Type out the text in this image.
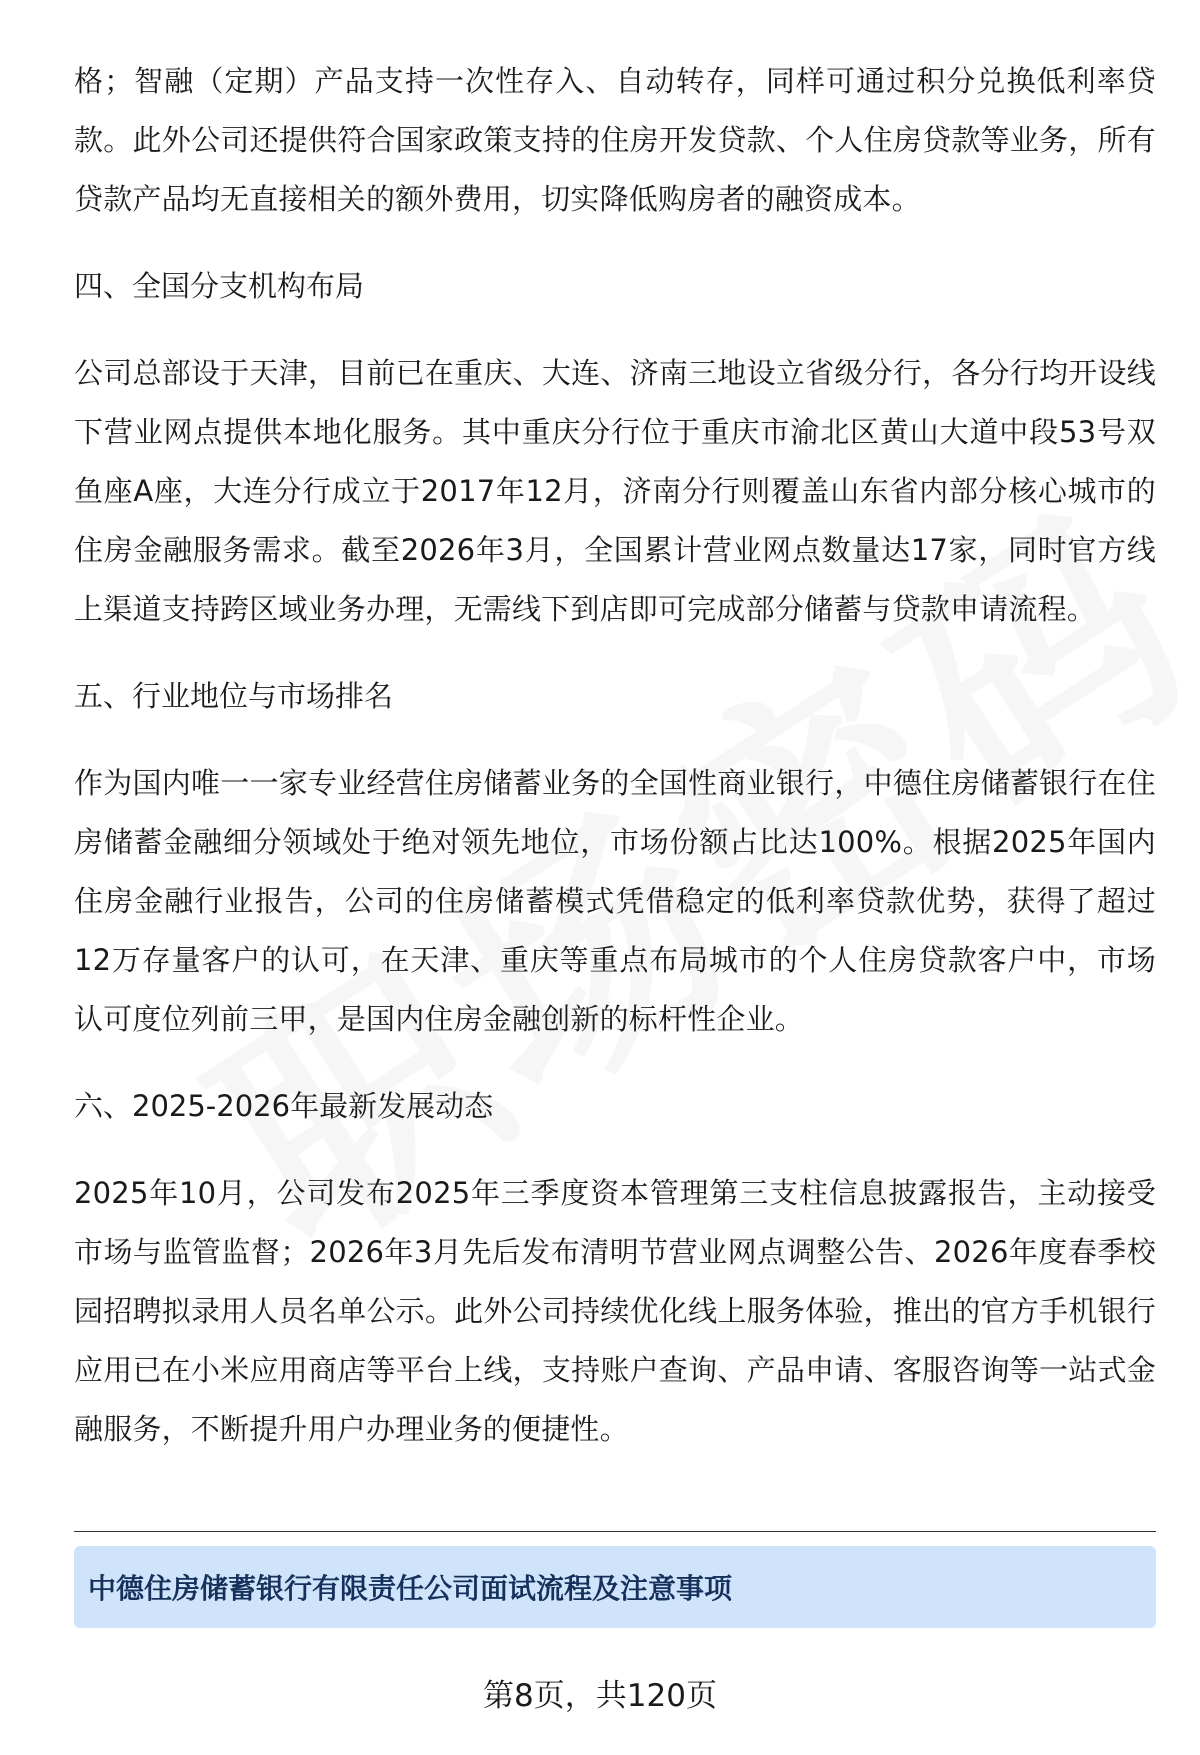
格；智融（定期）产品支持一次性存入、自动转存，同样可通过积分兑换低利率贷款。此外公司还提供符合国家政策支持的住房开发贷款、个人住房贷款等业务，所有贷款产品均无直接相关的额外费用，切实降低购房者的融资成本。

四、全国分支机构布局

公司总部设于天津，目前已在重庆、大连、济南三地设立省级分行，各分行均开设线下营业网点提供本地化服务。其中重庆分行位于重庆市渝北区黄山大道中段53号双鱼座A座，大连分行成立于2017年12月，济南分行则覆盖山东省内部分核心城市的住房金融服务需求。截至2026年3月，全国累计营业网点数量达17家，同时官方线上渠道支持跨区域业务办理，无需线下到店即可完成部分储蓄与贷款申请流程。

五、行业地位与市场排名

作为国内唯一一家专业经营住房储蓄业务的全国性商业银行，中德住房储蓄银行在住房储蓄金融细分领域处于绝对领先地位，市场份额占比达100%。根据2025年国内住房金融行业报告，公司的住房储蓄模式凭借稳定的低利率贷款优势，获得了超过12万存量客户的认可，在天津、重庆等重点布局城市的个人住房贷款客户中，市场认可度位列前三甲，是国内住房金融创新的标杆性企业。

六、2025-2026年最新发展动态

2025年10月，公司发布2025年三季度资本管理第三支柱信息披露报告，主动接受市场与监管监督；2026年3月先后发布清明节营业网点调整公告、2026年度春季校园招聘拟录用人员名单公示。此外公司持续优化线上服务体验，推出的官方手机银行应用已在小米应用商店等平台上线，支持账户查询、产品申请、客服咨询等一站式金融服务，不断提升用户办理业务的便捷性。

中德住房储蓄银行有限责任公司面试流程及注意事项
第8页，共120页
